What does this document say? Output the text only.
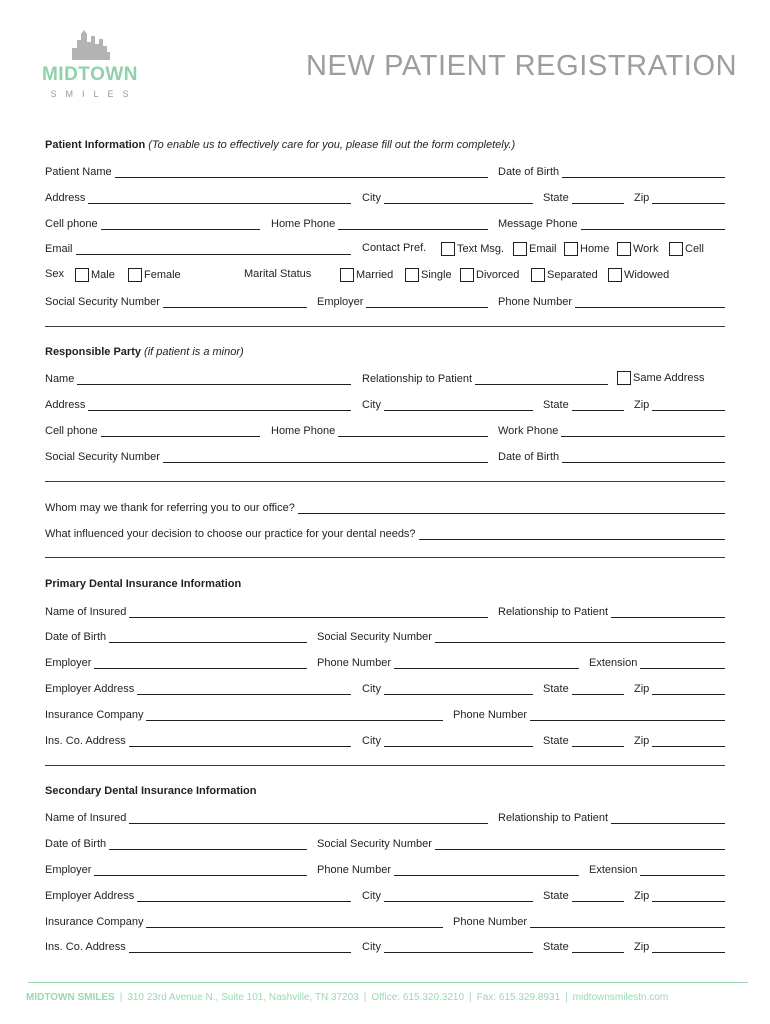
MIDTOWN
SMILES
NEW PATIENT REGISTRATION
Patient Information (To enable us to effectively care for you, please fill out the form completely.)
Patient Name	Date of Birth
Address	City	State	Zip
Cell phone	Home Phone	Message Phone
Email	Contact Pref.	Text Msg. Email Home Work Cell
Sex Male	Female	Marital Status	Married	Single Divorced	Separated Widowed
Social Security Number	Employer	Phone Number
Responsible Party (if patient is a minor)
Name	Relationship to Patient	Same Address
Address	City	State	Zip
Cell phone	Home Phone	Work Phone
Social Security Number	Date of Birth
Whom may we thank for referring you to our office?
What influenced your decision to choose our practice for your dental needs?
Primary Dental Insurance Information
Name of Insured	Relationship to Patient
Date of Birth	Social Security Number
Employer	Phone Number	Extension
Employer Address	City	State	Zip
Insurance Company	Phone Number
Ins. Co. Address	City	State	Zip
Secondary Dental Insurance Information
Name of Insured	Relationship to Patient
Date of Birth	Social Security Number
Employer	Phone Number	Extension
Employer Address	City	State	Zip
Insurance Company	Phone Number
Ins. Co. Address	City	State	Zip
MIDTOWN SMILES | 310 23rd Avenue N., Suite 101, Nashville, TN 37203 | Office: 615.320.3210 | Fax: 615.329.8931 | midtownsmilestn.com
